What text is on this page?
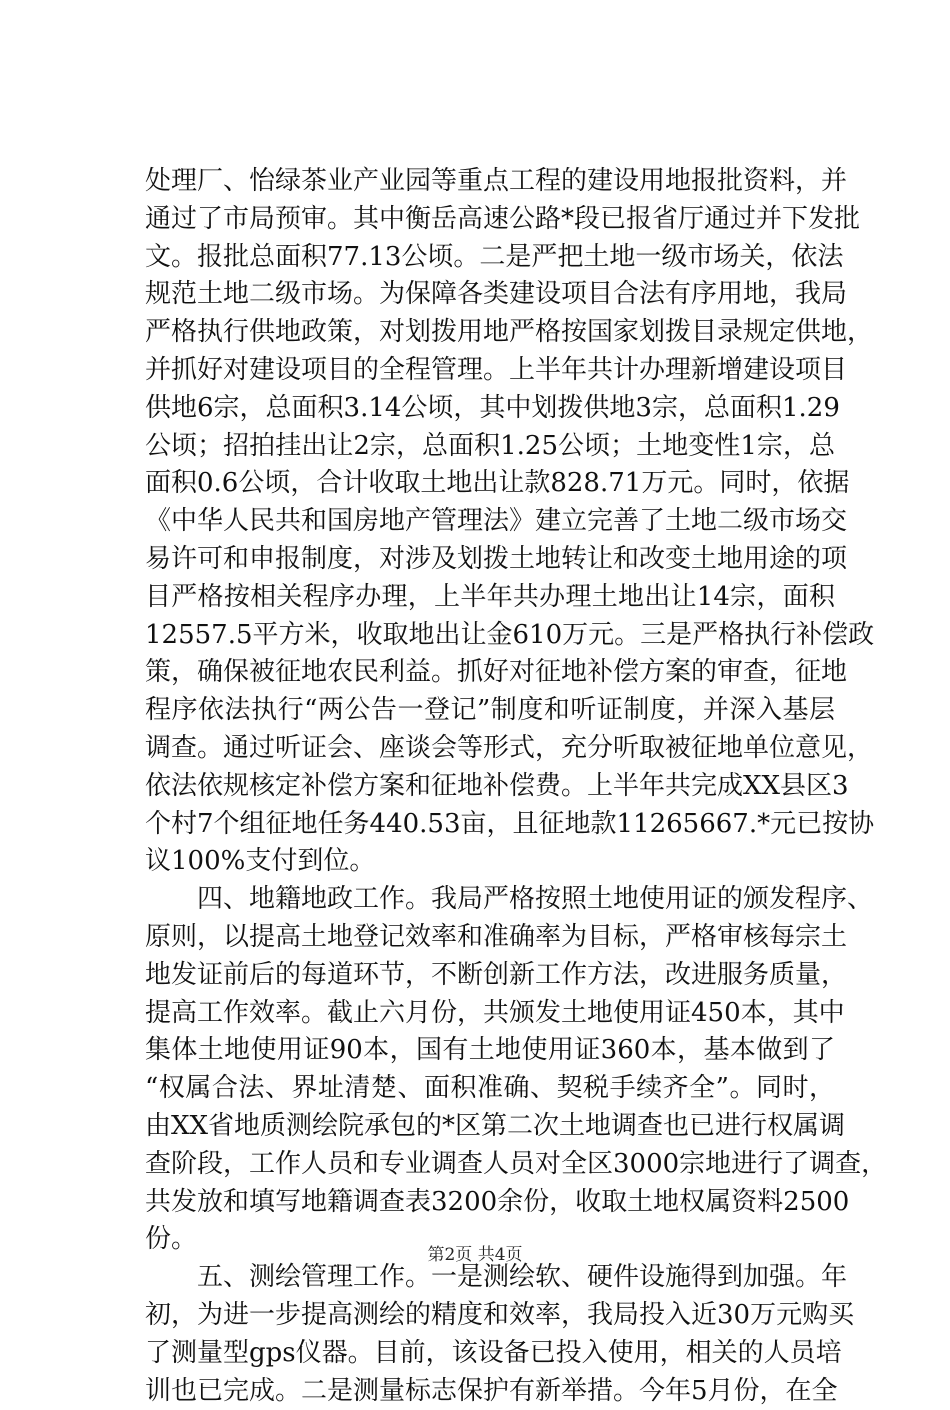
处理厂、怡绿茶业产业园等重点工程的建设用地报批资料，并
通过了市局预审。其中衡岳高速公路*段已报省厅通过并下发批
文。报批总面积77.13公顷。二是严把土地一级市场关，依法
规范土地二级市场。为保障各类建设项目合法有序用地，我局
严格执行供地政策，对划拨用地严格按国家划拨目录规定供地，
并抓好对建设项目的全程管理。上半年共计办理新增建设项目
供地6宗，总面积3.14公顷，其中划拨供地3宗，总面积1.29
公顷；招拍挂出让2宗，总面积1.25公顷；土地变性1宗，总
面积0.6公顷，合计收取土地出让款828.71万元。同时，依据
《中华人民共和国房地产管理法》建立完善了土地二级市场交
易许可和申报制度，对涉及划拨土地转让和改变土地用途的项
目严格按相关程序办理，上半年共办理土地出让14宗，面积
12557.5平方米，收取地出让金610万元。三是严格执行补偿政
策，确保被征地农民利益。抓好对征地补偿方案的审查，征地
程序依法执行“两公告一登记”制度和听证制度，并深入基层
调查。通过听证会、座谈会等形式，充分听取被征地单位意见，
依法依规核定补偿方案和征地补偿费。上半年共完成XX县区3
个村7个组征地任务440.53亩，且征地款11265667.*元已按协
议100%支付到位。
四、地籍地政工作。我局严格按照土地使用证的颁发程序、
原则，以提高土地登记效率和准确率为目标，严格审核每宗土
地发证前后的每道环节，不断创新工作方法，改进服务质量，
提高工作效率。截止六月份，共颁发土地使用证450本，其中
集体土地使用证90本，国有土地使用证360本，基本做到了
“权属合法、界址清楚、面积准确、契税手续齐全”。同时，
由XX省地质测绘院承包的*区第二次土地调查也已进行权属调
查阶段，工作人员和专业调查人员对全区3000宗地进行了调查，
共发放和填写地籍调查表3200余份，收取土地权属资料2500
份。
五、测绘管理工作。一是测绘软、硬件设施得到加强。年
初，为进一步提高测绘的精度和效率，我局投入近30万元购买
了测量型gps仪器。目前，该设备已投入使用，相关的人员培
训也已完成。二是测量标志保护有新举措。今年5月份，在全
第2页 共4页
